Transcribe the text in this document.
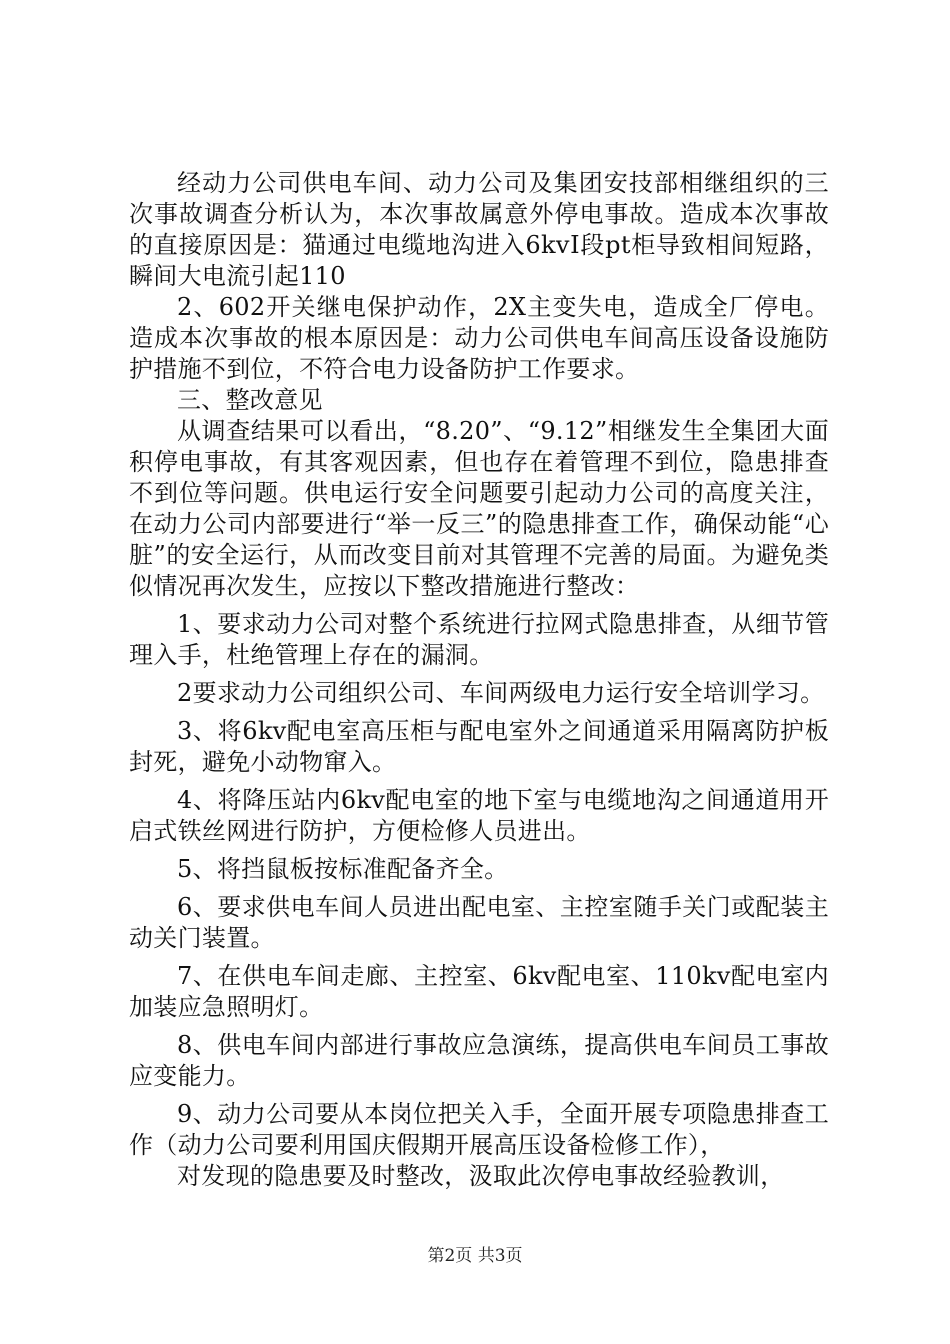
经动力公司供电车间、动力公司及集团安技部相继组织的三次事故调查分析认为，本次事故属意外停电事故。造成本次事故的直接原因是：猫通过电缆地沟进入6kvⅠ段pt柜导致相间短路，瞬间大电流引起110

2、602开关继电保护动作，2X主变失电，造成全厂停电。造成本次事故的根本原因是：动力公司供电车间高压设备设施防护措施不到位，不符合电力设备防护工作要求。

三、整改意见

从调查结果可以看出，“8.20”、“9.12”相继发生全集团大面积停电事故，有其客观因素，但也存在着管理不到位，隐患排查不到位等问题。供电运行安全问题要引起动力公司的高度关注，在动力公司内部要进行“举一反三”的隐患排查工作，确保动能“心脏”的安全运行，从而改变目前对其管理不完善的局面。为避免类似情况再次发生，应按以下整改措施进行整改：

1、要求动力公司对整个系统进行拉网式隐患排查，从细节管理入手，杜绝管理上存在的漏洞。

2要求动力公司组织公司、车间两级电力运行安全培训学习。

3、将6kv配电室高压柜与配电室外之间通道采用隔离防护板封死，避免小动物窜入。

4、将降压站内6kv配电室的地下室与电缆地沟之间通道用开启式铁丝网进行防护，方便检修人员进出。

5、将挡鼠板按标准配备齐全。

6、要求供电车间人员进出配电室、主控室随手关门或配装主动关门装置。

7、在供电车间走廊、主控室、6kv配电室、110kv配电室内加装应急照明灯。

8、供电车间内部进行事故应急演练，提高供电车间员工事故应变能力。

9、动力公司要从本岗位把关入手，全面开展专项隐患排查工作（动力公司要利用国庆假期开展高压设备检修工作），

对发现的隐患要及时整改，汲取此次停电事故经验教训，

第2页 共3页
